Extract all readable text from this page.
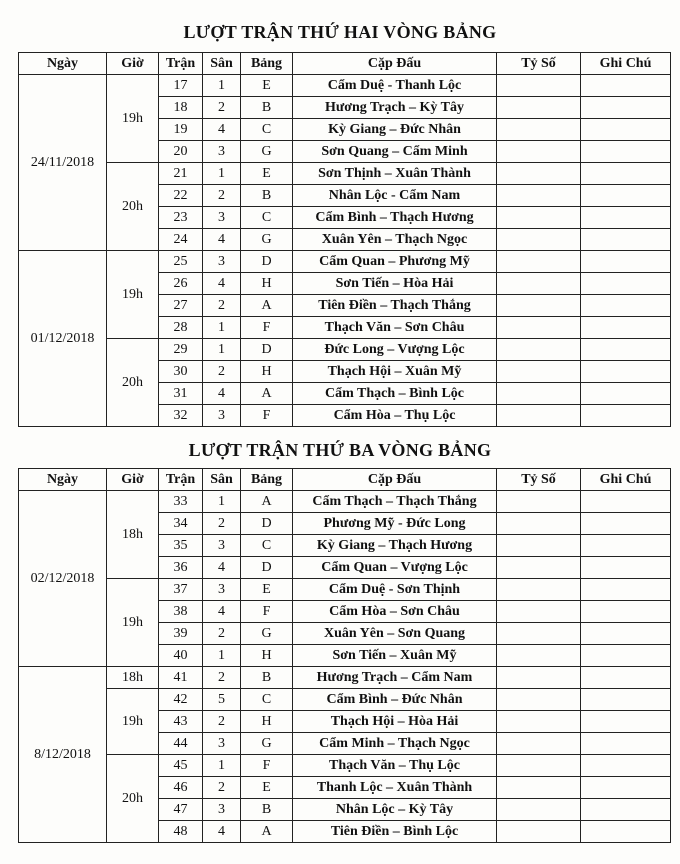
LƯỢT TRẬN THỨ HAI VÒNG BẢNG
Ngày	Giờ	Trận	Sân	Bảng	Cặp Đấu	Tỷ Số	Ghi Chú
24/11/2018	19h	17	1	E	Cẩm Duệ - Thanh Lộc		
		18	2	B	Hương Trạch – Kỳ Tây		
		19	4	C	Kỳ Giang – Đức Nhân		
		20	3	G	Sơn Quang – Cẩm Minh		
	20h	21	1	E	Sơn Thịnh – Xuân Thành		
		22	2	B	Nhân Lộc - Cẩm Nam		
		23	3	C	Cẩm Bình – Thạch Hương		
		24	4	G	Xuân Yên – Thạch Ngọc		
01/12/2018	19h	25	3	D	Cẩm Quan – Phương Mỹ		
		26	4	H	Sơn Tiến – Hòa Hải		
		27	2	A	Tiên Điền – Thạch Thắng		
		28	1	F	Thạch Văn – Sơn Châu		
	20h	29	1	D	Đức Long – Vượng Lộc		
		30	2	H	Thạch Hội – Xuân Mỹ		
		31	4	A	Cẩm Thạch – Bình Lộc		
		32	3	F	Cẩm Hòa – Thụ Lộc		
LƯỢT TRẬN THỨ BA VÒNG BẢNG
Ngày	Giờ	Trận	Sân	Bảng	Cặp Đấu	Tỷ Số	Ghi Chú
02/12/2018	18h	33	1	A	Cẩm Thạch – Thạch Thắng		
		34	2	D	Phương Mỹ - Đức Long		
		35	3	C	Kỳ Giang – Thạch Hương		
		36	4	D	Cẩm Quan – Vượng Lộc		
	19h	37	3	E	Cẩm Duệ - Sơn Thịnh		
		38	4	F	Cẩm Hòa – Sơn Châu		
		39	2	G	Xuân Yên – Sơn Quang		
		40	1	H	Sơn Tiến – Xuân Mỹ		
8/12/2018	18h	41	2	B	Hương Trạch – Cẩm Nam		
	19h	42	5	C	Cẩm Bình – Đức Nhân		
		43	2	H	Thạch Hội – Hòa Hải		
		44	3	G	Cẩm Minh – Thạch Ngọc		
	20h	45	1	F	Thạch Văn – Thụ Lộc		
		46	2	E	Thanh Lộc – Xuân Thành		
		47	3	B	Nhân Lộc – Kỳ Tây		
		48	4	A	Tiên Điền – Bình Lộc		
